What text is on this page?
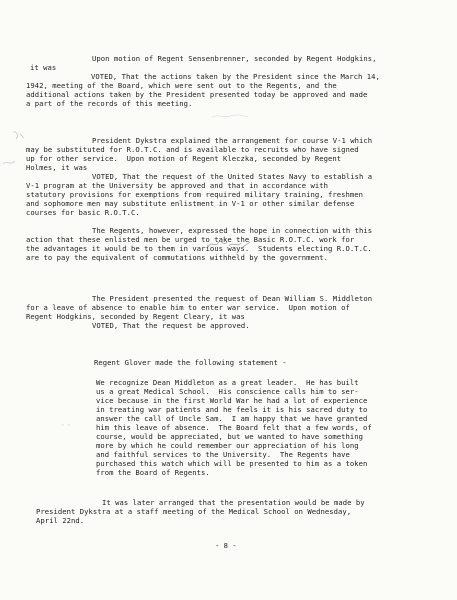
Upon motion of Regent Sensenbrenner, seconded by Regent Hodgkins,
it was
VOTED, That the actions taken by the President since the March 14,
1942, meeting of the Board, which were sent out to the Regents, and the
additional actions taken by the President presented today be approved and made
a part of the records of this meeting.
President Dykstra explained the arrangement for course V-1 which
may be substituted for R.O.T.C. and is available to recruits who have signed
up for other service.  Upon motion of Regent Kleczka, seconded by Regent
Holmes, it was
VOTED, That the request of the United States Navy to establish a
V-1 program at the University be approved and that in accordance with
statutory provisions for exemptions from required military training, freshmen
and sophomore men may substitute enlistment in V-1 or other similar defense
courses for basic R.O.T.C.
The Regents, however, expressed the hope in connection with this
action that these enlisted men be urged to take the Basic R.O.T.C. work for
the advantages it would be to them in various ways.  Students electing R.O.T.C.
are to pay the equivalent of commutations withheld by the government.
The President presented the request of Dean William S. Middleton
for a leave of absence to enable him to enter war service.  Upon motion of
Regent Hodgkins, seconded by Regent Cleary, it was
VOTED, That the request be approved.
Regent Glover made the following statement -
We recognize Dean Middleton as a great leader.  He has built
us a great Medical School.  His conscience calls him to ser-
vice because in the first World War he had a lot of experience
in treating war patients and he feels it is his sacred duty to
answer the call of Uncle Sam.  I am happy that we have granted
him this leave of absence.  The Board felt that a few words, of
course, would be appreciated, but we wanted to have something
more by which he could remember our appreciation of his long
and faithful services to the University.  The Regents have
purchased this watch which will be presented to him as a token
from the Board of Regents.
It was later arranged that the presentation would be made by
President Dykstra at a staff meeting of the Medical School on Wednesday,
April 22nd.
- 8 -
